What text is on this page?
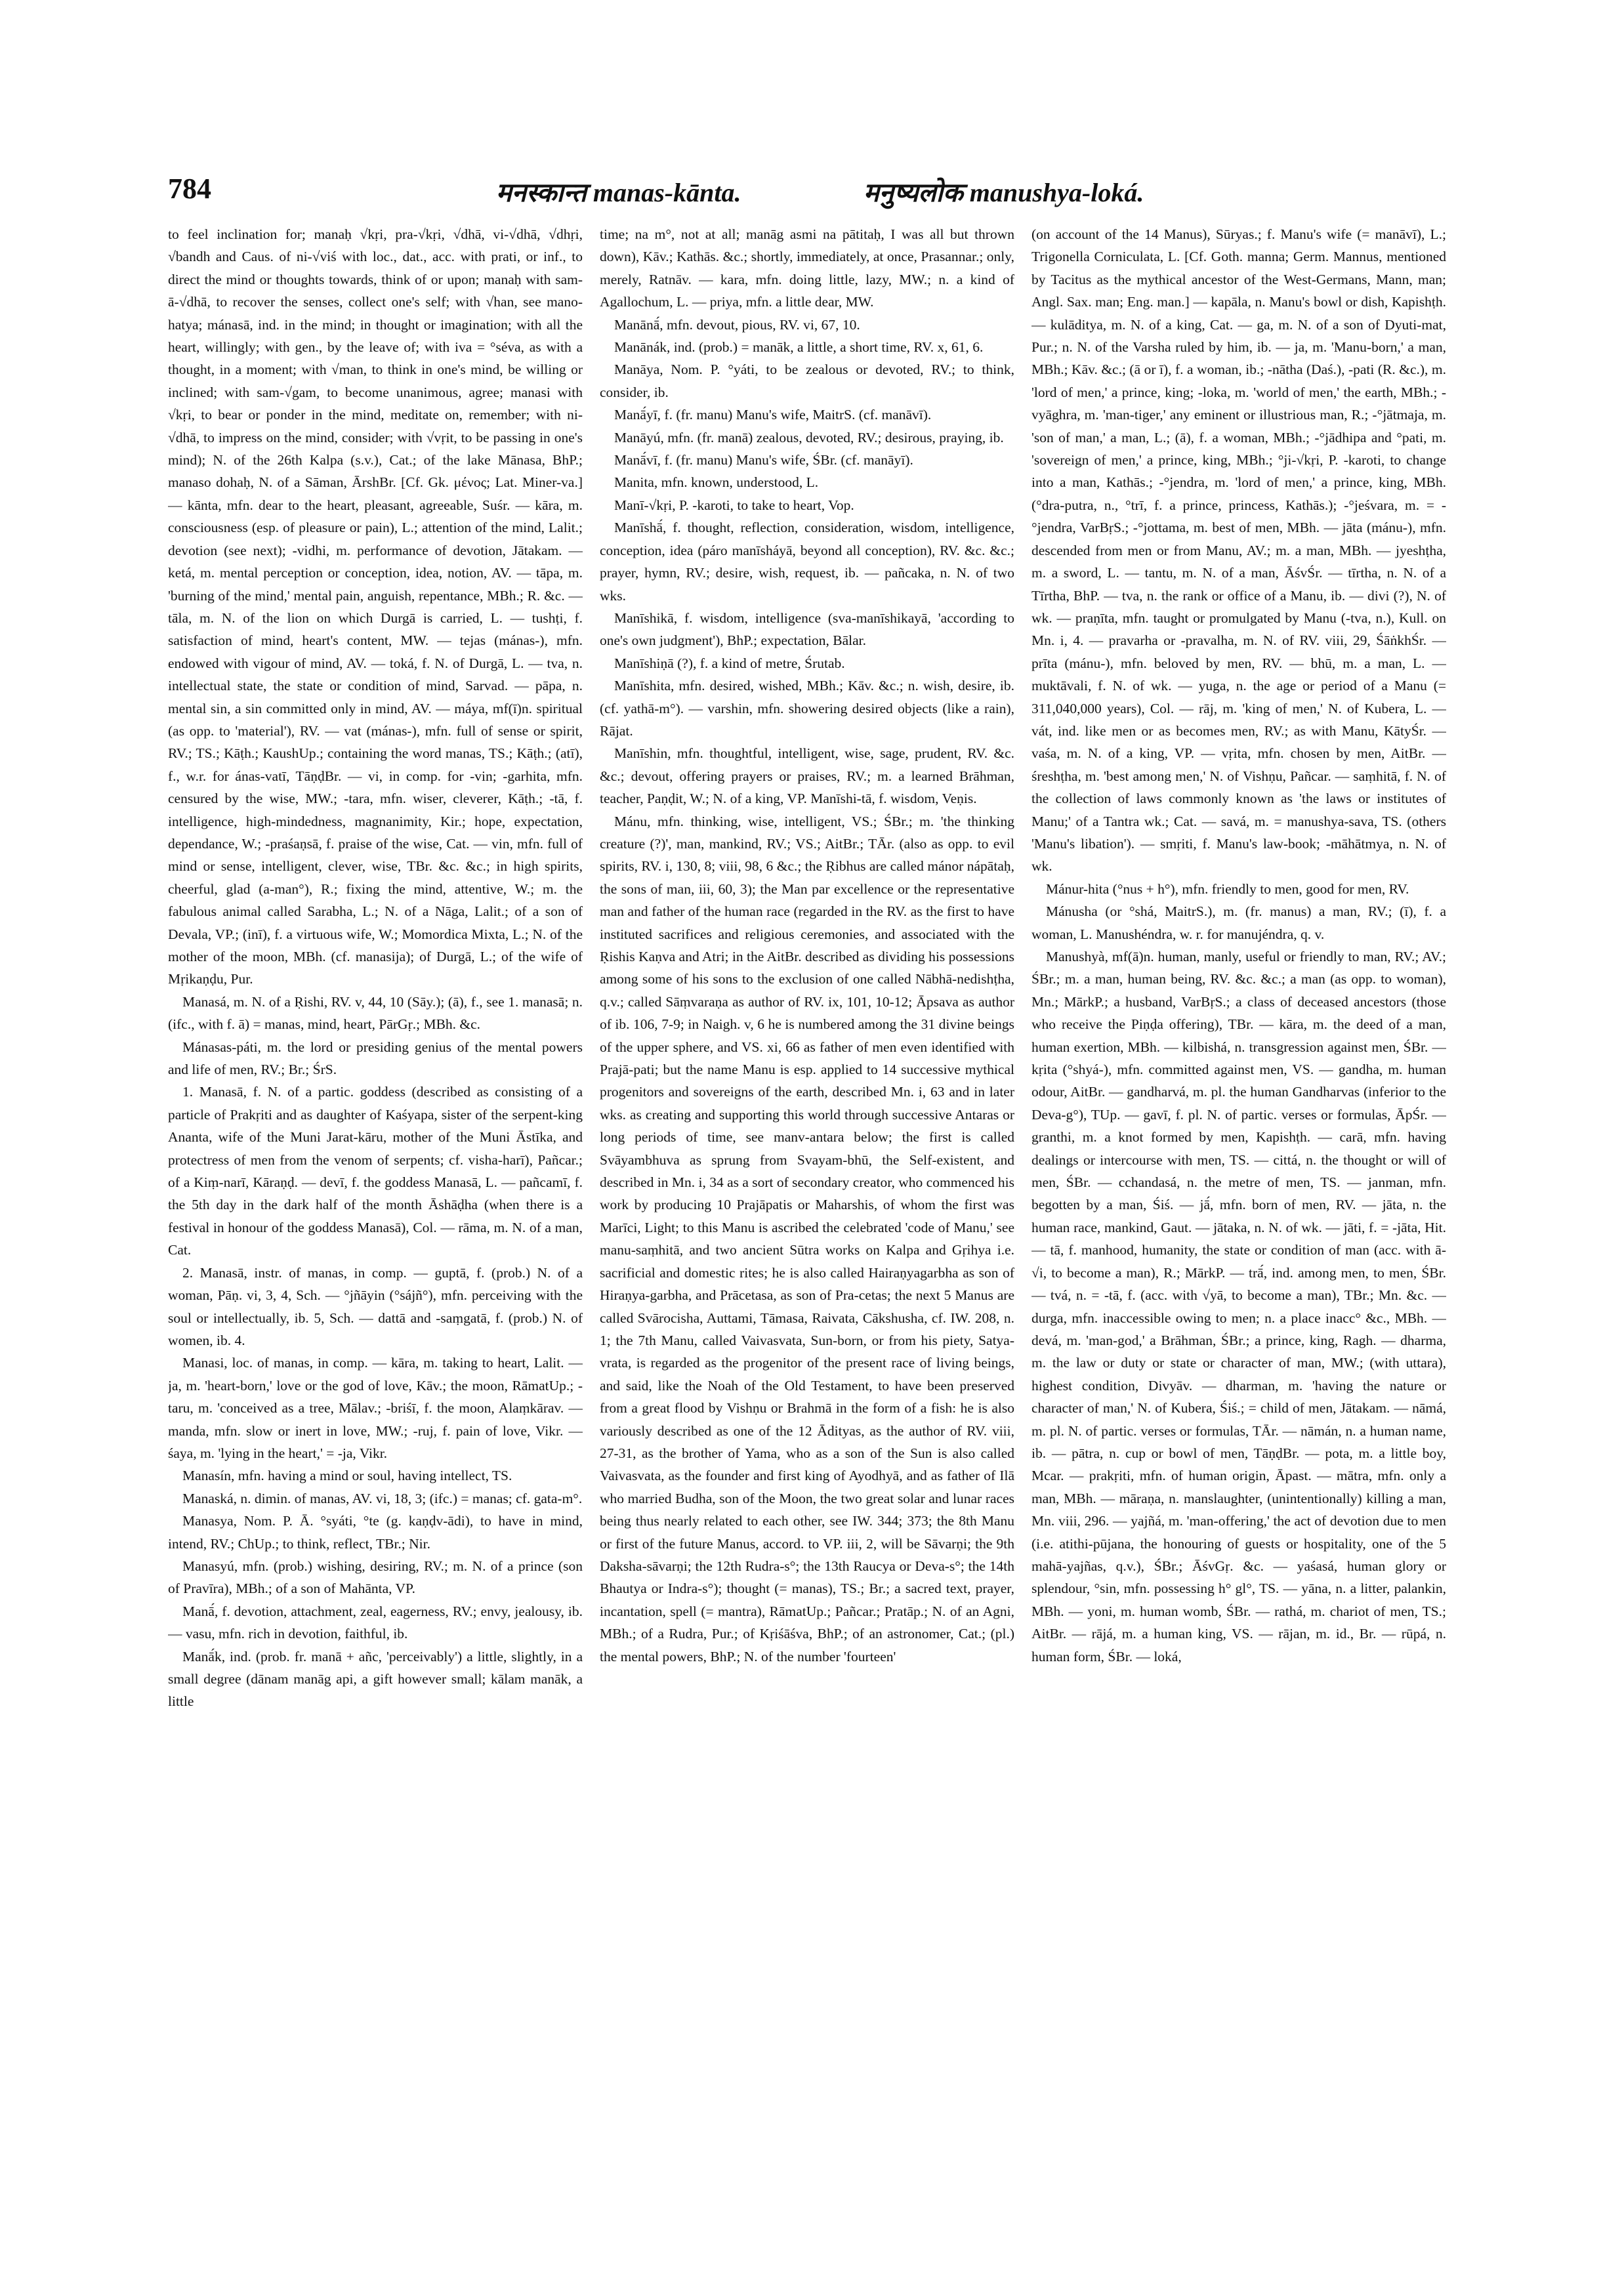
784	मनस्कान्त manas-kānta.	मनुष्यलोक manushya-loká.

to feel inclination for; manaḥ √kṛi, pra-√kṛi, √dhā, vi-√dhā, √dhṛi, √bandh and Caus. of ni-√viś with loc., dat., acc. with prati, or inf., to direct the mind or thoughts towards, think of or upon; manaḥ with sam-ā-√dhā, to recover the senses, collect one's self; with √han, see mano-hatya; mánasā, ind. in the mind; in thought or imagination; with all the heart, willingly; with gen., by the leave of; with iva = °séva, as with a thought, in a moment; with √man, to think in one's mind, be willing or inclined; with sam-√gam, to become unanimous, agree; manasi with √kṛi, to bear or ponder in the mind, meditate on, remember; with ni-√dhā, to impress on the mind, consider; with √vṛit, to be passing in one's mind); N. of the 26th Kalpa (s.v.), Cat.; of the lake Mānasa, BhP.; manaso dohaḥ, N. of a Sāman, ĀrshBr. [Cf. Gk. μένος; Lat. Miner-va.] — kānta, mfn. dear to the heart, pleasant, agreeable, Suśr. — kāra, m. consciousness (esp. of pleasure or pain), L.; attention of the mind, Lalit.; devotion (see next); -vidhi, m. performance of devotion, Jātakam. — ketá, m. mental perception or conception, idea, notion, AV. — tāpa, m. 'burning of the mind,' mental pain, anguish, repentance, MBh.; R. &c. — tāla, m. N. of the lion on which Durgā is carried, L. — tushṭi, f. satisfaction of mind, heart's content, MW. — tejas (mánas-), mfn. endowed with vigour of mind, AV. — toká, f. N. of Durgā, L. — tva, n. intellectual state, the state or condition of mind, Sarvad. — pāpa, n. mental sin, a sin committed only in mind, AV. — máya, mf(ī)n. spiritual (as opp. to 'material'), RV. — vat (mánas-), mfn. full of sense or spirit, RV.; TS.; Kāṭh.; KaushUp.; containing the word manas, TS.; Kāṭh.; (atī), f., w.r. for ánas-vatī, TāṇḍBr. — vi, in comp. for -vin; -garhita, mfn. censured by the wise, MW.; -tara, mfn. wiser, cleverer, Kāṭh.; -tā, f. intelligence, high-mindedness, magnanimity, Kir.; hope, expectation, dependance, W.; -praśaṇsā, f. praise of the wise, Cat. — vin, mfn. full of mind or sense, intelligent, clever, wise, TBr. &c. &c.; in high spirits, cheerful, glad (a-man°), R.; fixing the mind, attentive, W.; m. the fabulous animal called Sarabha, L.; N. of a Nāga, Lalit.; of a son of Devala, VP.; (inī), f. a virtuous wife, W.; Momordica Mixta, L.; N. of the mother of the moon, MBh. (cf. manasija); of Durgā, L.; of the wife of Mṛikaṇḍu, Pur.

Manasá, m. N. of a Ṛishi, RV. v, 44, 10 (Sāy.); (ā), f., see 1. manasā; n. (ifc., with f. ā) = manas, mind, heart, PārGṛ.; MBh. &c.

Mánasas-páti, m. the lord or presiding genius of the mental powers and life of men, RV.; Br.; ŚrS.

1. Manasā, f. N. of a partic. goddess (described as consisting of a particle of Prakṛiti and as daughter of Kaśyapa, sister of the serpent-king Ananta, wife of the Muni Jarat-kāru, mother of the Muni Āstīka, and protectress of men from the venom of serpents; cf. visha-harī), Pañcar.; of a Kiṃ-narī, Kāraṇḍ. — devī, f. the goddess Manasā, L. — pañcamī, f. the 5th day in the dark half of the month Āshāḍha (when there is a festival in honour of the goddess Manasā), Col. — rāma, m. N. of a man, Cat.

2. Manasā, instr. of manas, in comp. — guptā, f. (prob.) N. of a woman, Pāṇ. vi, 3, 4, Sch. — °jñāyin (°sájñ°), mfn. perceiving with the soul or intellectually, ib. 5, Sch. — dattā and -saṃgatā, f. (prob.) N. of women, ib. 4.

Manasi, loc. of manas, in comp. — kāra, m. taking to heart, Lalit. — ja, m. 'heart-born,' love or the god of love, Kāv.; the moon, RāmatUp.; -taru, m. 'conceived as a tree, Mālav.; -briśī, f. the moon, Alaṃkārav. — manda, mfn. slow or inert in love, MW.; -ruj, f. pain of love, Vikr. — śaya, m. 'lying in the heart,' = -ja, Vikr.

Manasín, mfn. having a mind or soul, having intellect, TS.

Manaská, n. dimin. of manas, AV. vi, 18, 3; (ifc.) = manas; cf. gata-m°.

Manasya, Nom. P. Ā. °syáti, °te (g. kaṇḍv-ādi), to have in mind, intend, RV.; ChUp.; to think, reflect, TBr.; Nir.

Manasyú, mfn. (prob.) wishing, desiring, RV.; m. N. of a prince (son of Pravīra), MBh.; of a son of Mahānta, VP.

Manā́, f. devotion, attachment, zeal, eagerness, RV.; envy, jealousy, ib. — vasu, mfn. rich in devotion, faithful, ib.

Manā́k, ind. (prob. fr. manā + añc, 'perceivably') a little, slightly, in a small degree (dānam manāg api, a gift however small; kālam manāk, a little

time; na m°, not at all; manāg asmi na pātitaḥ, I was all but thrown down), Kāv.; Kathās. &c.; shortly, immediately, at once, Prasannar.; only, merely, Ratnāv. — kara, mfn. doing little, lazy, MW.; n. a kind of Agallochum, L. — priya, mfn. a little dear, MW.

Manānā́, mfn. devout, pious, RV. vi, 67, 10.

Manānák, ind. (prob.) = manāk, a little, a short time, RV. x, 61, 6.

Manāya, Nom. P. °yáti, to be zealous or devoted, RV.; to think, consider, ib.

Manā́yī, f. (fr. manu) Manu's wife, MaitrS. (cf. manāvī).

Manāyú, mfn. (fr. manā) zealous, devoted, RV.; desirous, praying, ib.

Manā́vī, f. (fr. manu) Manu's wife, ŚBr. (cf. manāyī).

Manita, mfn. known, understood, L.

Manī-√kṛi, P. -karoti, to take to heart, Vop.

Manīshā́, f. thought, reflection, consideration, wisdom, intelligence, conception, idea (páro manīsháyā, beyond all conception), RV. &c. &c.; prayer, hymn, RV.; desire, wish, request, ib. — pañcaka, n. N. of two wks.

Manīshikā, f. wisdom, intelligence (sva-manīshikayā, 'according to one's own judgment'), BhP.; expectation, Bālar.

Manīshiṇā (?), f. a kind of metre, Śrutab.

Manīshita, mfn. desired, wished, MBh.; Kāv. &c.; n. wish, desire, ib. (cf. yathā-m°). — varshin, mfn. showering desired objects (like a rain), Rājat.

Manīshin, mfn. thoughtful, intelligent, wise, sage, prudent, RV. &c. &c.; devout, offering prayers or praises, RV.; m. a learned Brāhman, teacher, Paṇḍit, W.; N. of a king, VP. Manīshi-tā, f. wisdom, Veṇis.

Mánu, mfn. thinking, wise, intelligent, VS.; ŚBr.; m. 'the thinking creature (?)', man, mankind, RV.; VS.; AitBr.; TĀr. (also as opp. to evil spirits, RV. i, 130, 8; viii, 98, 6 &c.; the Ṛibhus are called mánor nápātaḥ, the sons of man, iii, 60, 3); the Man par excellence or the representative man and father of the human race (regarded in the RV. as the first to have instituted sacrifices and religious ceremonies, and associated with the Ṛishis Kaṇva and Atri; in the AitBr. described as dividing his possessions among some of his sons to the exclusion of one called Nābhā-nedishṭha, q.v.; called Sāṃvaraṇa as author of RV. ix, 101, 10-12; Āpsava as author of ib. 106, 7-9; in Naigh. v, 6 he is numbered among the 31 divine beings of the upper sphere, and VS. xi, 66 as father of men even identified with Prajā-pati; but the name Manu is esp. applied to 14 successive mythical progenitors and sovereigns of the earth, described Mn. i, 63 and in later wks. as creating and supporting this world through successive Antaras or long periods of time, see manv-antara below; the first is called Svāyambhuva as sprung from Svayam-bhū, the Self-existent, and described in Mn. i, 34 as a sort of secondary creator, who commenced his work by producing 10 Prajāpatis or Maharshis, of whom the first was Marīci, Light; to this Manu is ascribed the celebrated 'code of Manu,' see manu-saṃhitā, and two ancient Sūtra works on Kalpa and Gṛihya i.e. sacrificial and domestic rites; he is also called Hairaṇyagarbha as son of Hiraṇya-garbha, and Prācetasa, as son of Pra-cetas; the next 5 Manus are called Svārocisha, Auttami, Tāmasa, Raivata, Cākshusha, cf. IW. 208, n. 1; the 7th Manu, called Vaivasvata, Sun-born, or from his piety, Satya-vrata, is regarded as the progenitor of the present race of living beings, and said, like the Noah of the Old Testament, to have been preserved from a great flood by Vishṇu or Brahmā in the form of a fish: he is also variously described as one of the 12 Ādityas, as the author of RV. viii, 27-31, as the brother of Yama, who as a son of the Sun is also called Vaivasvata, as the founder and first king of Ayodhyā, and as father of Ilā who married Budha, son of the Moon, the two great solar and lunar races being thus nearly related to each other, see IW. 344; 373; the 8th Manu or first of the future Manus, accord. to VP. iii, 2, will be Sāvarṇi; the 9th Daksha-sāvarṇi; the 12th Rudra-s°; the 13th Raucya or Deva-s°; the 14th Bhautya or Indra-s°); thought (= manas), TS.; Br.; a sacred text, prayer, incantation, spell (= mantra), RāmatUp.; Pañcar.; Pratāp.; N. of an Agni, MBh.; of a Rudra, Pur.; of Kṛiśāśva, BhP.; of an astronomer, Cat.; (pl.) the mental powers, BhP.; N. of the number 'fourteen'

(on account of the 14 Manus), Sūryas.; f. Manu's wife (= manāvī), L.; Trigonella Corniculata, L. [Cf. Goth. manna; Germ. Mannus, mentioned by Tacitus as the mythical ancestor of the West-Germans, Mann, man; Angl. Sax. man; Eng. man.] — kapāla, n. Manu's bowl or dish, Kapishṭh. — kulāditya, m. N. of a king, Cat. — ga, m. N. of a son of Dyuti-mat, Pur.; n. N. of the Varsha ruled by him, ib. — ja, m. 'Manu-born,' a man, MBh.; Kāv. &c.; (ā or ī), f. a woman, ib.; -nātha (Daś.), -pati (R. &c.), m. 'lord of men,' a prince, king; -loka, m. 'world of men,' the earth, MBh.; -vyāghra, m. 'man-tiger,' any eminent or illustrious man, R.; -°jātmaja, m. 'son of man,' a man, L.; (ā), f. a woman, MBh.; -°jādhipa and °pati, m. 'sovereign of men,' a prince, king, MBh.; °ji-√kṛi, P. -karoti, to change into a man, Kathās.; -°jendra, m. 'lord of men,' a prince, king, MBh. (°dra-putra, n., °trī, f. a prince, princess, Kathās.); -°jeśvara, m. = -°jendra, VarBṛS.; -°jottama, m. best of men, MBh. — jāta (mánu-), mfn. descended from men or from Manu, AV.; m. a man, MBh. — jyeshṭha, m. a sword, L. — tantu, m. N. of a man, ĀśvŚr. — tīrtha, n. N. of a Tīrtha, BhP. — tva, n. the rank or office of a Manu, ib. — divi (?), N. of wk. — praṇīta, mfn. taught or promulgated by Manu (-tva, n.), Kull. on Mn. i, 4. — pravarha or -pravalha, m. N. of RV. viii, 29, ŚāṅkhŚr. — prīta (mánu-), mfn. beloved by men, RV. — bhū, m. a man, L. — muktāvali, f. N. of wk. — yuga, n. the age or period of a Manu (= 311,040,000 years), Col. — rāj, m. 'king of men,' N. of Kubera, L. — vát, ind. like men or as becomes men, RV.; as with Manu, KātyŚr. — vaśa, m. N. of a king, VP. — vṛita, mfn. chosen by men, AitBr. — śreshṭha, m. 'best among men,' N. of Vishṇu, Pañcar. — saṃhitā, f. N. of the collection of laws commonly known as 'the laws or institutes of Manu;' of a Tantra wk.; Cat. — savá, m. = manushya-sava, TS. (others 'Manu's libation'). — smṛiti, f. Manu's law-book; -māhātmya, n. N. of wk.

Mánur-hita (°nus + h°), mfn. friendly to men, good for men, RV.

Mánusha (or °shá, MaitrS.), m. (fr. manus) a man, RV.; (ī), f. a woman, L. Manushéndra, w. r. for manujéndra, q. v.

Manushyà, mf(ā)n. human, manly, useful or friendly to man, RV.; AV.; ŚBr.; m. a man, human being, RV. &c. &c.; a man (as opp. to woman), Mn.; MārkP.; a husband, VarBṛS.; a class of deceased ancestors (those who receive the Piṇḍa offering), TBr. — kāra, m. the deed of a man, human exertion, MBh. — kilbishá, n. transgression against men, ŚBr. — kṛita (°shyá-), mfn. committed against men, VS. — gandha, m. human odour, AitBr. — gandharvá, m. pl. the human Gandharvas (inferior to the Deva-g°), TUp. — gavī, f. pl. N. of partic. verses or formulas, ĀpŚr. — granthi, m. a knot formed by men, Kapishṭh. — carā, mfn. having dealings or intercourse with men, TS. — cittá, n. the thought or will of men, ŚBr. — cchandasá, n. the metre of men, TS. — janman, mfn. begotten by a man, Śiś. — jā́, mfn. born of men, RV. — jāta, n. the human race, mankind, Gaut. — jātaka, n. N. of wk. — jāti, f. = -jāta, Hit. — tā, f. manhood, humanity, the state or condition of man (acc. with ā-√i, to become a man), R.; MārkP. — trā́, ind. among men, to men, ŚBr. — tvá, n. = -tā, f. (acc. with √yā, to become a man), TBr.; Mn. &c. — durga, mfn. inaccessible owing to men; n. a place inacc° &c., MBh. — devá, m. 'man-god,' a Brāhman, ŚBr.; a prince, king, Ragh. — dharma, m. the law or duty or state or character of man, MW.; (with uttara), highest condition, Divyāv. — dharman, m. 'having the nature or character of man,' N. of Kubera, Śiś.; = child of men, Jātakam. — nāmá, m. pl. N. of partic. verses or formulas, TĀr. — nāmán, n. a human name, ib. — pātra, n. cup or bowl of men, TāṇḍBr. — pota, m. a little boy, Mcar. — prakṛiti, mfn. of human origin, Āpast. — mātra, mfn. only a man, MBh. — māraṇa, n. manslaughter, (unintentionally) killing a man, Mn. viii, 296. — yajñá, m. 'man-offering,' the act of devotion due to men (i.e. atithi-pūjana, the honouring of guests or hospitality, one of the 5 mahā-yajñas, q.v.), ŚBr.; ĀśvGṛ. &c. — yaśasá, human glory or splendour, °sin, mfn. possessing h° gl°, TS. — yāna, n. a litter, palankin, MBh. — yoni, m. human womb, ŚBr. — rathá, m. chariot of men, TS.; AitBr. — rājá, m. a human king, VS. — rājan, m. id., Br. — rūpá, n. human form, ŚBr. — loká,
